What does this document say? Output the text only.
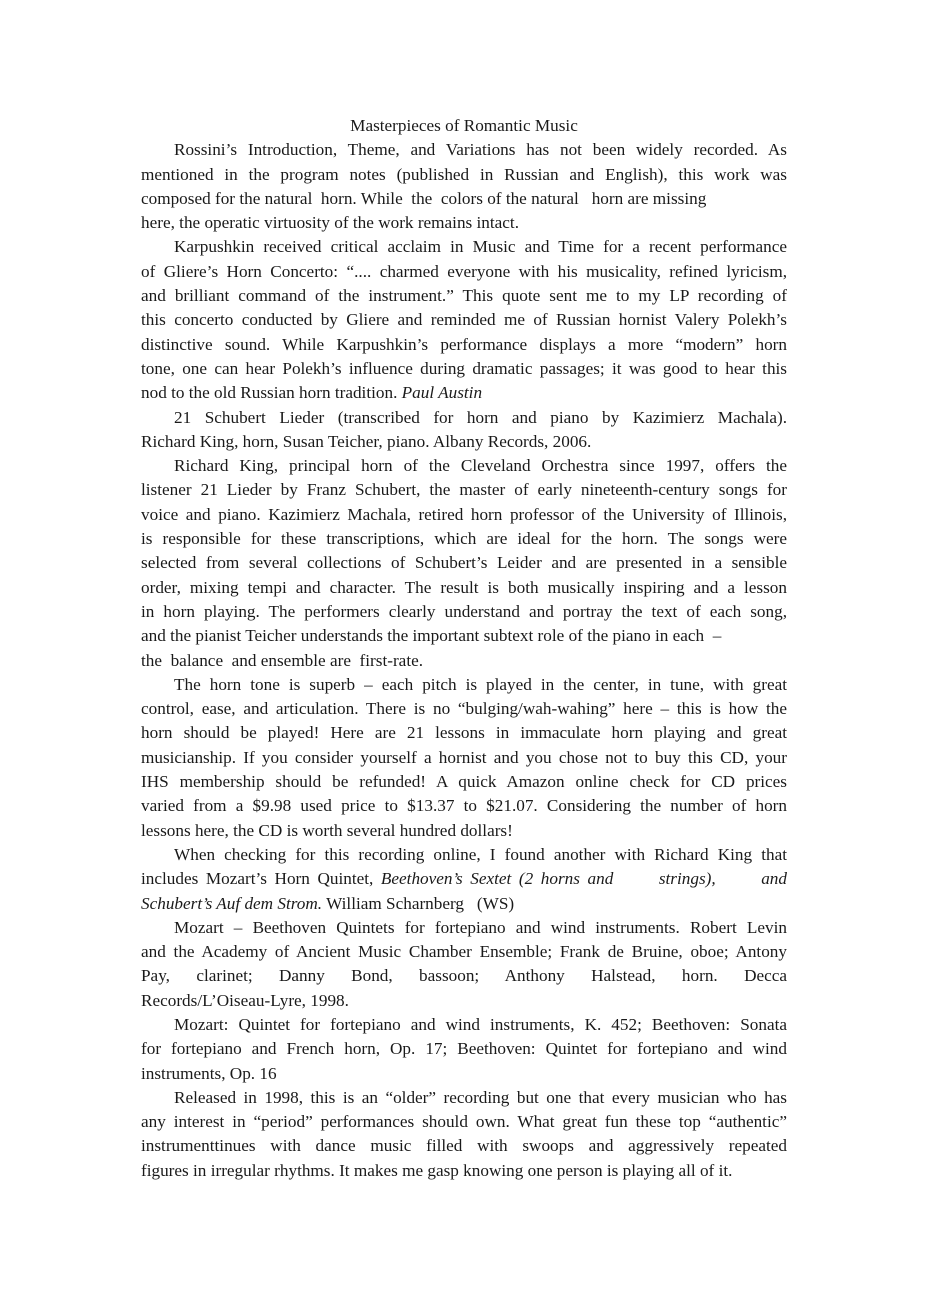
Masterpieces of Romantic Music

Rossini’s Introduction, Theme, and Variations has not been widely recorded. As
mentioned in the program notes (published in Russian and English), this work was
composed for the natural  horn. While  the  colors of the natural   horn are missing
here, the operatic virtuosity of the work remains intact.

Karpushkin received critical acclaim in Music and Time for a recent performance
of Gliere’s Horn Concerto: “.... charmed everyone with his musicality, refined lyricism,
and brilliant command of the instrument.” This quote sent me to my LP recording of
this concerto conducted by Gliere and reminded me of Russian hornist Valery Polekh’s
distinctive sound. While Karpushkin’s performance displays a more “modern” horn
tone, one can hear Polekh’s influence during dramatic passages; it was good to hear this
nod to the old Russian horn tradition. Paul Austin

21 Schubert Lieder (transcribed for horn and piano by Kazimierz Machala).
Richard King, horn, Susan Teicher, piano. Albany Records, 2006.

Richard King, principal horn of the Cleveland Orchestra since 1997, offers the
listener 21 Lieder by Franz Schubert, the master of early nineteenth-century songs for
voice and piano. Kazimierz Machala, retired horn professor of the University of Illinois,
is responsible for these transcriptions, which are ideal for the horn. The songs were
selected from several collections of Schubert’s Leider and are presented in a sensible
order, mixing tempi and character. The result is both musically inspiring and a lesson
in horn playing. The performers clearly understand and portray the text of each song,
and the pianist Teicher understands the important subtext role of the piano in each  –
the  balance  and ensemble are  first-rate.

The horn tone is superb – each pitch is played in the center, in tune, with great
control, ease, and articulation. There is no “bulging/wah-wahing” here – this is how the
horn should be played! Here are 21 lessons in immaculate horn playing and great
musicianship. If you consider yourself a hornist and you chose not to buy this CD, your
IHS membership should be refunded! A quick Amazon online check for CD prices
varied from a $9.98 used price to $13.37 to $21.07. Considering the number of horn
lessons here, the CD is worth several hundred dollars!

When checking for this recording online, I found another with Richard King that
includes Mozart’s Horn Quintet, Beethoven’s Sextet (2 horns and      strings),      and
Schubert’s Auf dem Strom. William Scharnberg   (WS)

Mozart – Beethoven Quintets for fortepiano and wind instruments. Robert Levin
and the Academy of Ancient Music Chamber Ensemble; Frank de Bruine, oboe; Antony
Pay, clarinet; Danny Bond, bassoon; Anthony Halstead, horn. Decca
Records/L’Oiseau-Lyre, 1998.

Mozart: Quintet for fortepiano and wind instruments, K. 452; Beethoven: Sonata
for fortepiano and French horn, Op. 17; Beethoven: Quintet for fortepiano and wind
instruments, Op. 16

Released in 1998, this is an “older” recording but one that every musician who has
any interest in “period” performances should own. What great fun these top “authentic”
instrumenttinues with dance music filled with swoops and aggressively repeated
figures in irregular rhythms. It makes me gasp knowing one person is playing all of it.
